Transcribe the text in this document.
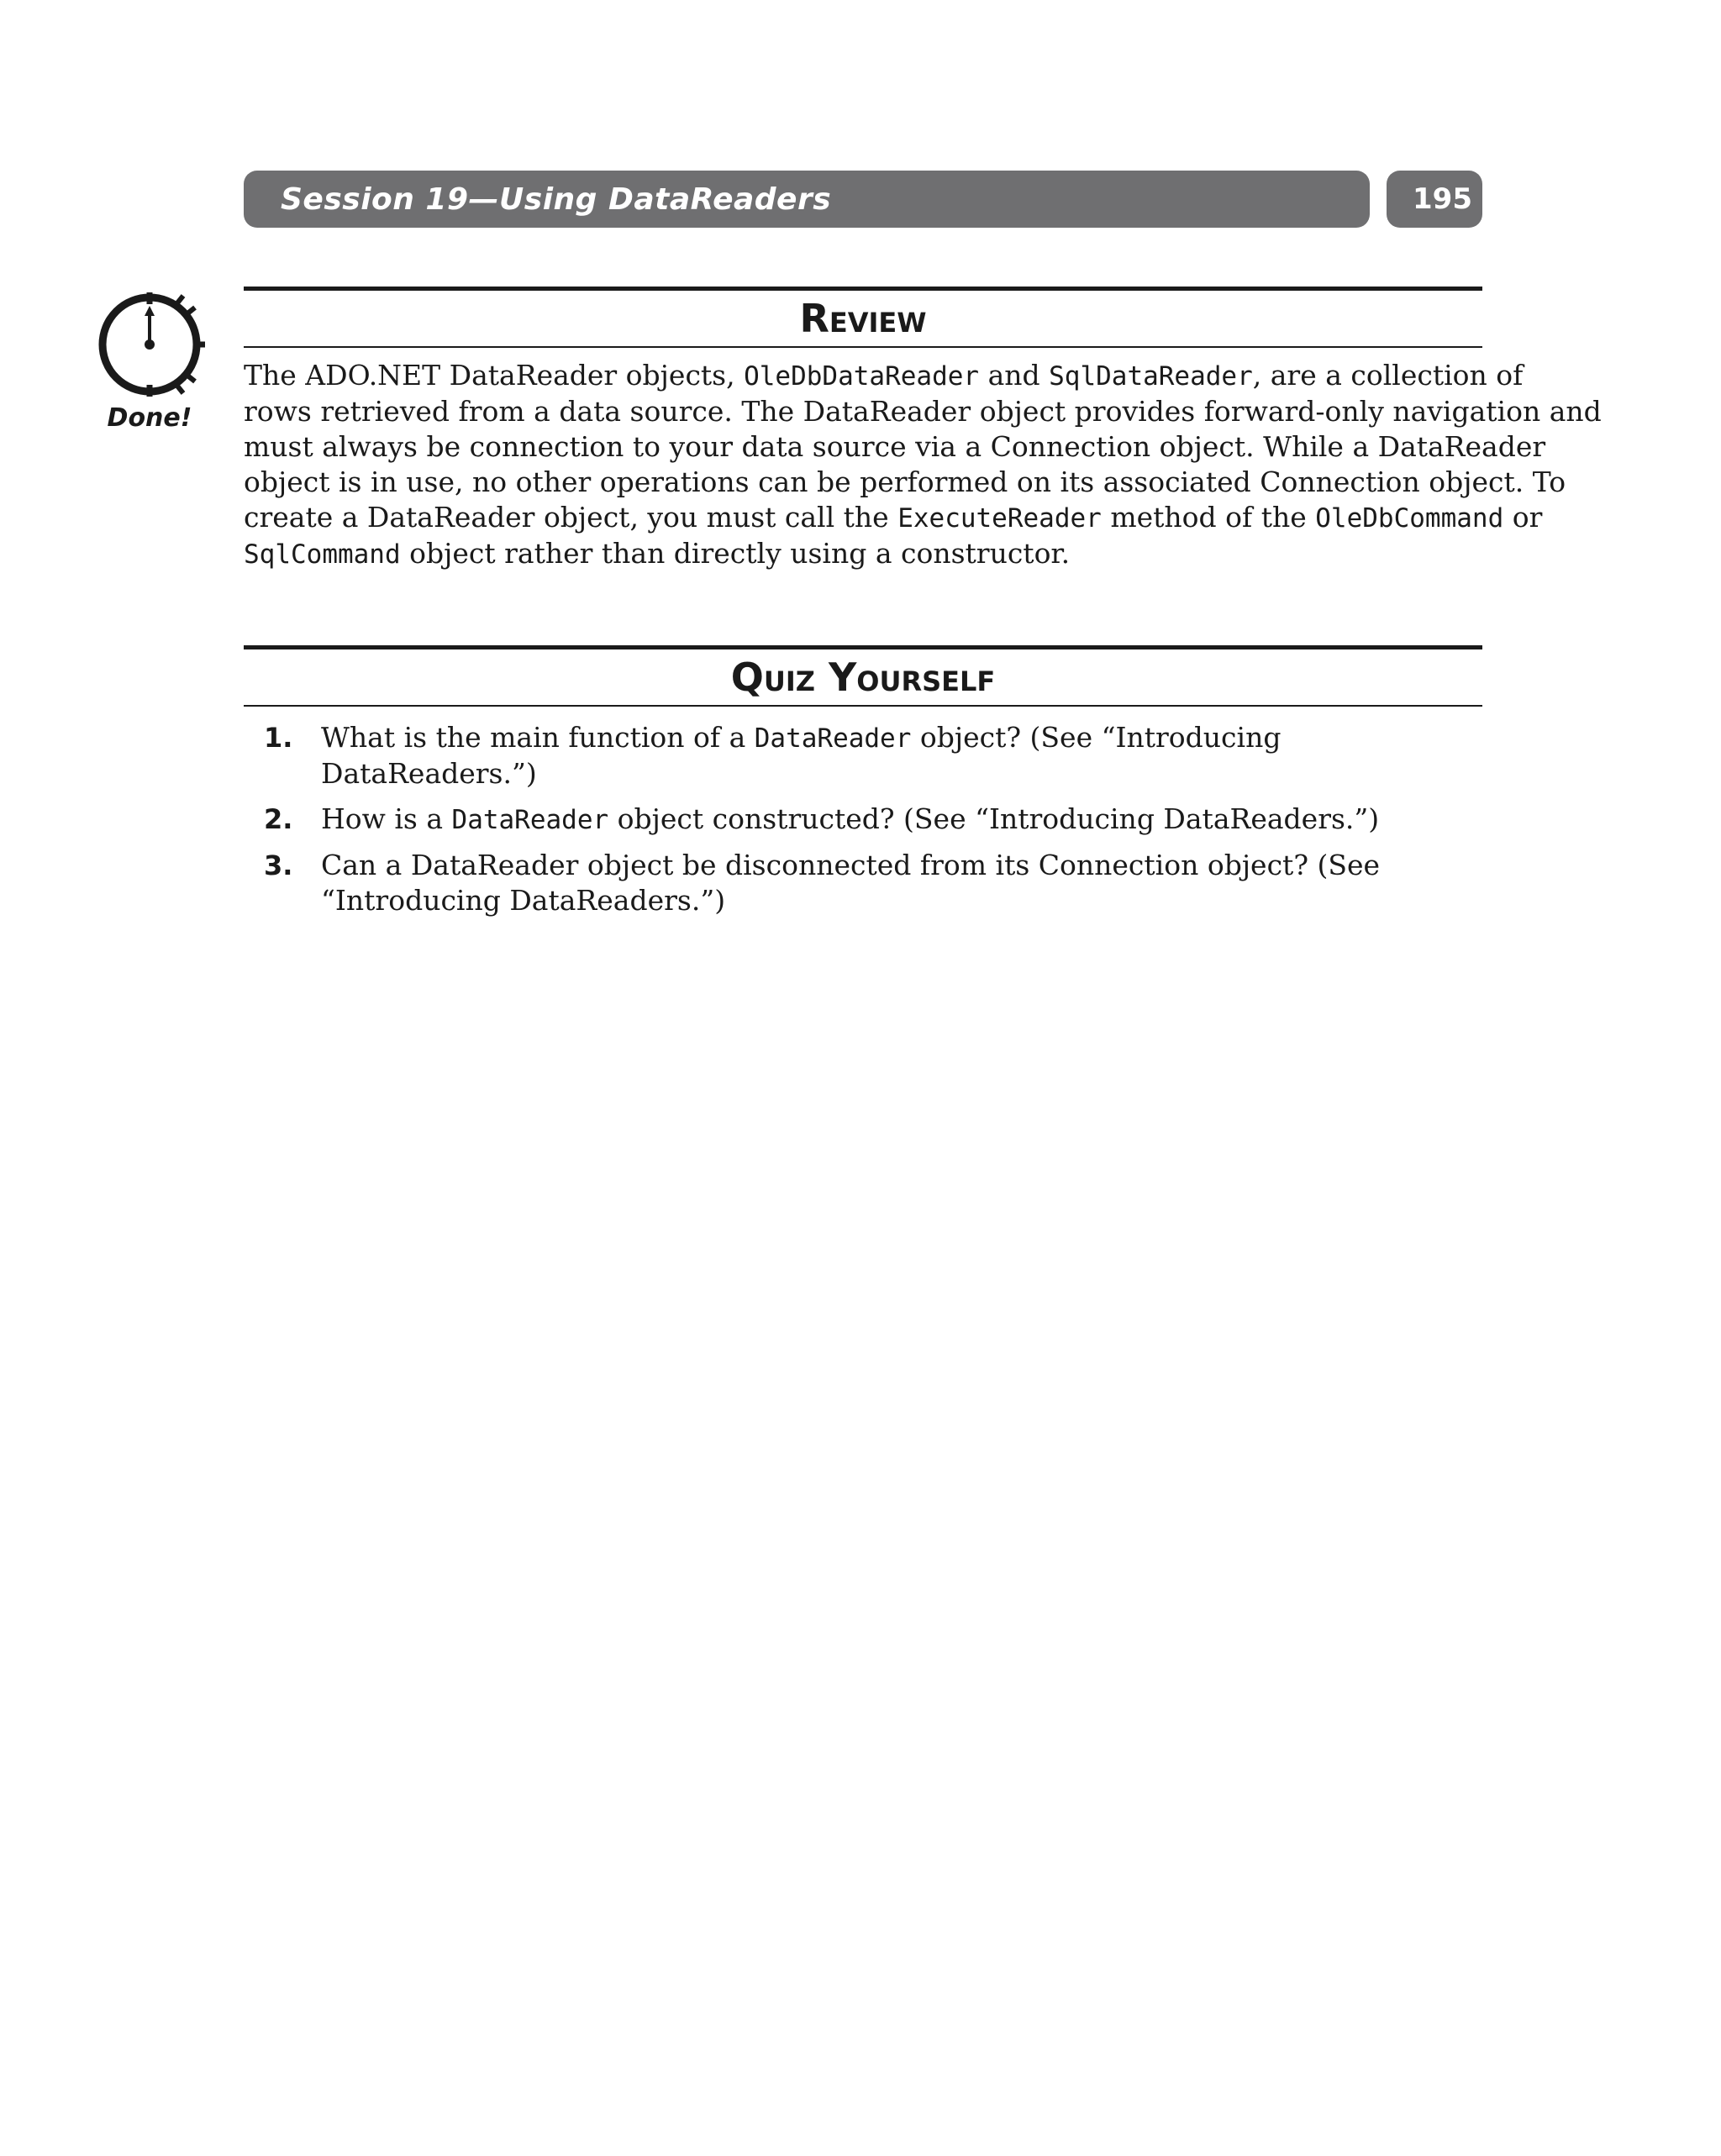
Session 19—Using DataReaders	195
Done!
Review
The ADO.NET DataReader objects, OleDbDataReader and SqlDataReader, are a collection of
rows retrieved from a data source. The DataReader object provides forward-only navigation and
must always be connection to your data source via a Connection object. While a DataReader
object is in use, no other operations can be performed on its associated Connection object. To
create a DataReader object, you must call the ExecuteReader method of the OleDbCommand or
SqlCommand object rather than directly using a constructor.
Quiz Yourself
1. What is the main function of a DataReader object? (See “Introducing
DataReaders.”)
2. How is a DataReader object constructed? (See “Introducing DataReaders.”)
3. Can a DataReader object be disconnected from its Connection object? (See
“Introducing DataReaders.”)
